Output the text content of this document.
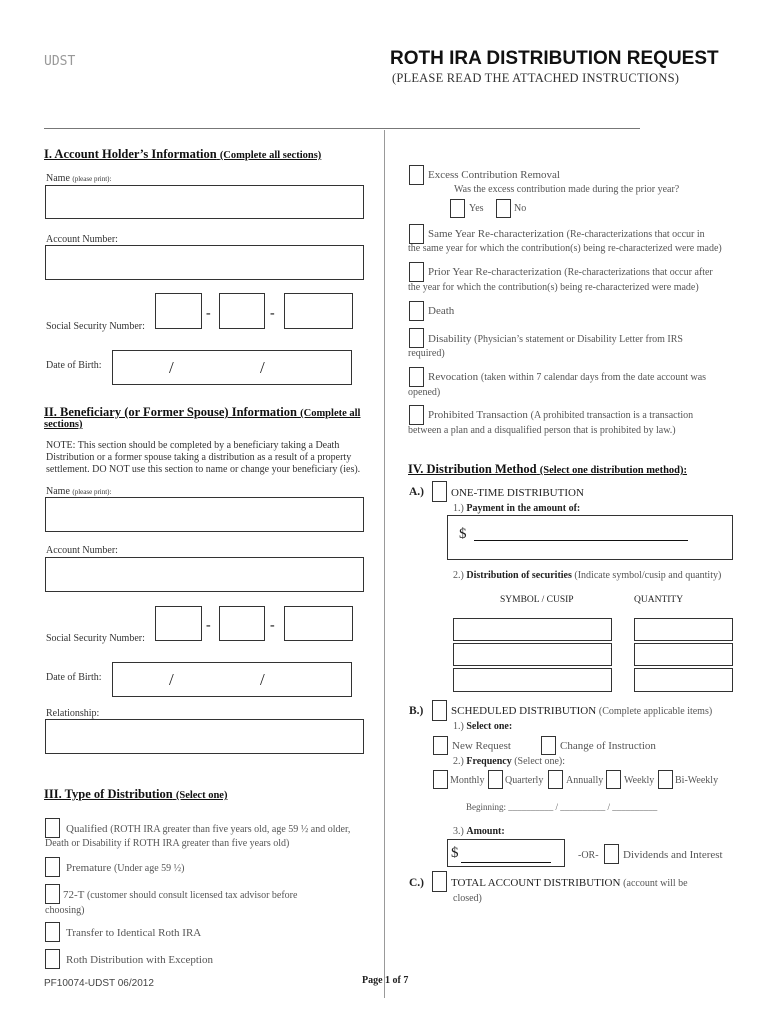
UDST	ROTH IRA DISTRIBUTION REQUEST
(PLEASE READ THE ATTACHED INSTRUCTIONS)
I. Account Holder’s Information (Complete all sections)
Name (please print):
Account Number:
Social Security Number:
-	-
Date of Birth:	/	/
II. Beneficiary (or Former Spouse) Information (Complete all
sections)
NOTE: This section should be completed by a beneficiary taking a Death
Distribution or a former spouse taking a distribution as a result of a property
settlement. DO NOT use this section to name or change your beneficiary (ies).
Name (please print):
Account Number:
Social Security Number:
-	-
Date of Birth:	/	/
Relationship:
III. Type of Distribution (Select one)
Qualified (ROTH IRA greater than five years old, age 59 ½ and older,
Death or Disability if ROTH IRA greater than five years old)
Premature (Under age 59 ½)
72-T (customer should consult licensed tax advisor before
choosing)
Transfer to Identical Roth IRA
Roth Distribution with Exception
Excess Contribution Removal
Was the excess contribution made during the prior year?
Yes	No
Same Year Re-characterization (Re-characterizations that occur in
the same year for which the contribution(s) being re-characterized were made)
Prior Year Re-characterization (Re-characterizations that occur after
the year for which the contribution(s) being re-characterized were made)
Death
Disability (Physician’s statement or Disability Letter from IRS
required)
Revocation (taken within 7 calendar days from the date account was
opened)
Prohibited Transaction (A prohibited transaction is a transaction
between a plan and a disqualified person that is prohibited by law.)
IV. Distribution Method (Select one distribution method):
A.) ONE-TIME DISTRIBUTION
1.) Payment in the amount of:
$
2.) Distribution of securities (Indicate symbol/cusip and quantity)
SYMBOL / CUSIP	QUANTITY
B.)	SCHEDULED DISTRIBUTION (Complete applicable items)
1.) Select one:
New Request	Change of Instruction
2.) Frequency (Select one):
Monthly Quarterly Annually Weekly Bi-Weekly
Beginning: __________ / __________ / __________
3.) Amount:
$	-OR- Dividends and Interest
C.) TOTAL ACCOUNT DISTRIBUTION (account will be
closed)
PF10074-UDST 06/2012	Page 1 of 7
